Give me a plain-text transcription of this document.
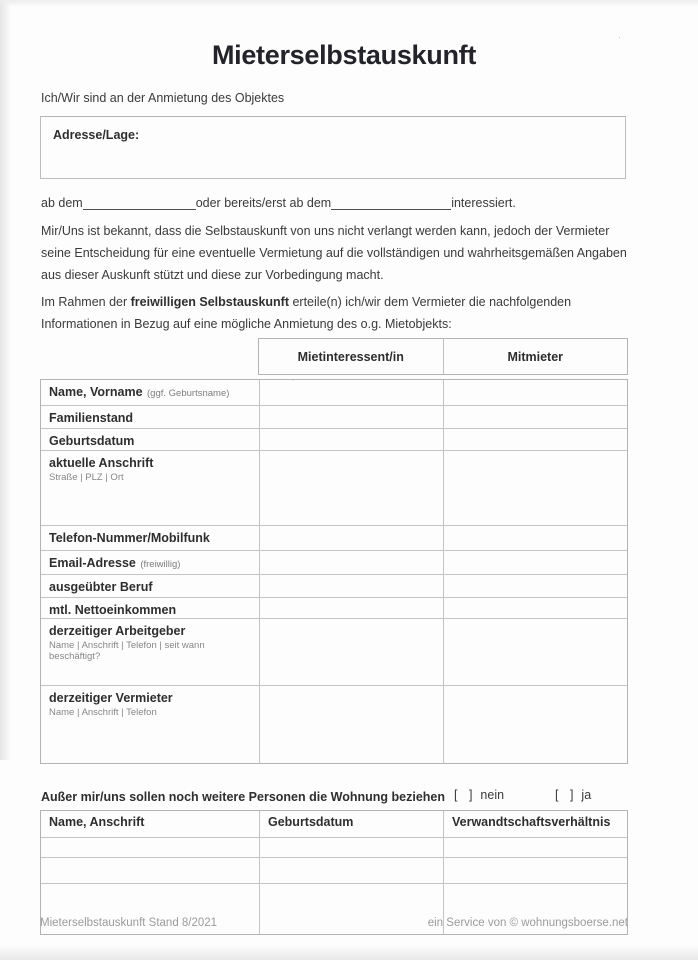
·
·
Mieterselbstauskunft
Ich/Wir sind an der Anmietung des Objektes
Adresse/Lage:
ab dem	oder bereits/erst ab dem	interessiert.
Mir/Uns ist bekannt, dass die Selbstauskunft von uns nicht verlangt werden kann, jedoch der Vermieter seine Entscheidung für eine eventuelle Vermietung auf die vollständigen und wahrheitsgemäßen Angaben aus dieser Auskunft stützt und diese zur Vorbedingung macht.
Im Rahmen der freiwilligen Selbstauskunft erteile(n) ich/wir dem Vermieter die nachfolgenden Informationen in Bezug auf eine mögliche Anmietung des o.g. Mietobjekts:
Mietinteressent/in	Mitmieter
Name, Vorname (ggf. Geburtsname)
Familienstand
Geburtsdatum
aktuelle Anschrift
Straße | PLZ | Ort
Telefon-Nummer/Mobilfunk
Email-Adresse (freiwillig)
ausgeübter Beruf
mtl. Nettoeinkommen
derzeitiger Arbeitgeber
Name | Anschrift | Telefon | seit wann beschäftigt?
derzeitiger Vermieter
Name | Anschrift | Telefon
Außer mir/uns sollen noch weitere Personen die Wohnung beziehen [ ] nein	[ ] ja
Name, Anschrift	Geburtsdatum	Verwandtschaftsverhältnis
Mieterselbstauskunft Stand 8/2021	ein Service von © wohnungsboerse.net
